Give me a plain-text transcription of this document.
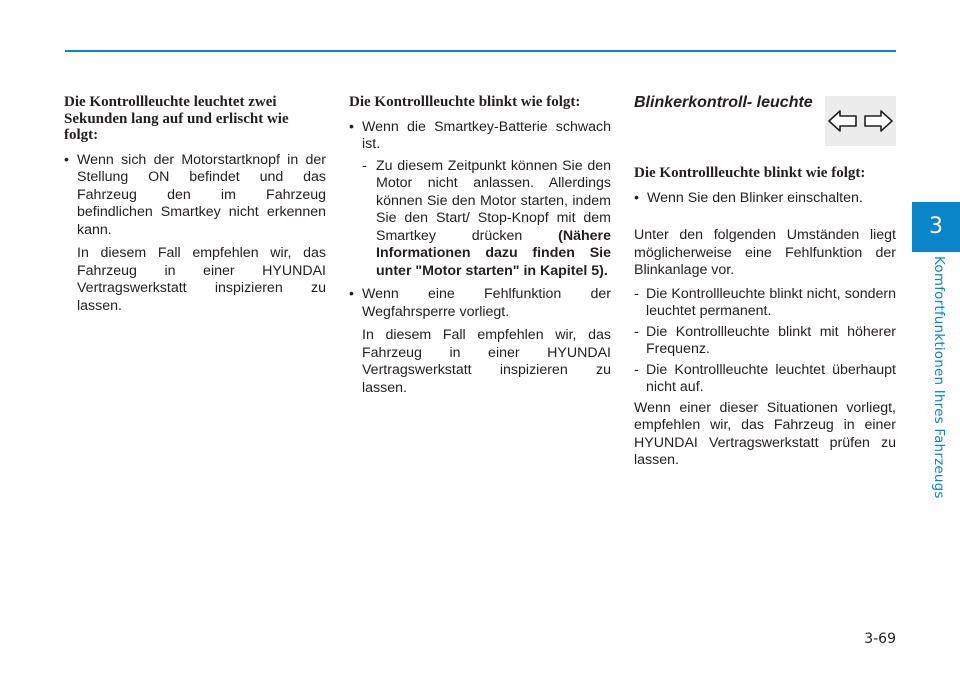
3
Komfortfunktionen Ihres Fahrzeugs

Die Kontrollleuchte leuchtet zwei Sekunden lang auf und erlischt wie folgt:

• Wenn sich der Motorstartknopf in der Stellung ON befindet und das Fahrzeug den im Fahrzeug befindlichen Smartkey nicht erkennen kann.

In diesem Fall empfehlen wir, das Fahrzeug in einer HYUNDAI Vertragswerkstatt inspizieren zu lassen.

Die Kontrollleuchte blinkt wie folgt:

• Wenn die Smartkey-Batterie schwach ist.

- Zu diesem Zeitpunkt können Sie den Motor nicht anlassen. Allerdings können Sie den Motor starten, indem Sie den Start/ Stop-Knopf mit dem Smartkey drücken	(Nähere Informationen dazu finden Sie unter "Motor starten" in Kapitel 5).

• Wenn eine Fehlfunktion der Wegfahrsperre vorliegt.

In diesem Fall empfehlen wir, das Fahrzeug in einer HYUNDAI Vertragswerkstatt inspizieren zu lassen.

Blinkerkontroll- leuchte

Die Kontrollleuchte blinkt wie folgt:

• Wenn Sie den Blinker einschalten.

Unter den folgenden Umständen liegt möglicherweise eine Fehlfunktion der Blinkanlage vor.

- Die Kontrollleuchte blinkt nicht, sondern leuchtet permanent.

- Die Kontrollleuchte blinkt mit höherer Frequenz.

- Die Kontrollleuchte leuchtet überhaupt nicht auf.

Wenn einer dieser Situationen vorliegt, empfehlen wir, das Fahrzeug in einer HYUNDAI Vertragswerkstatt prüfen zu lassen.

3-69
